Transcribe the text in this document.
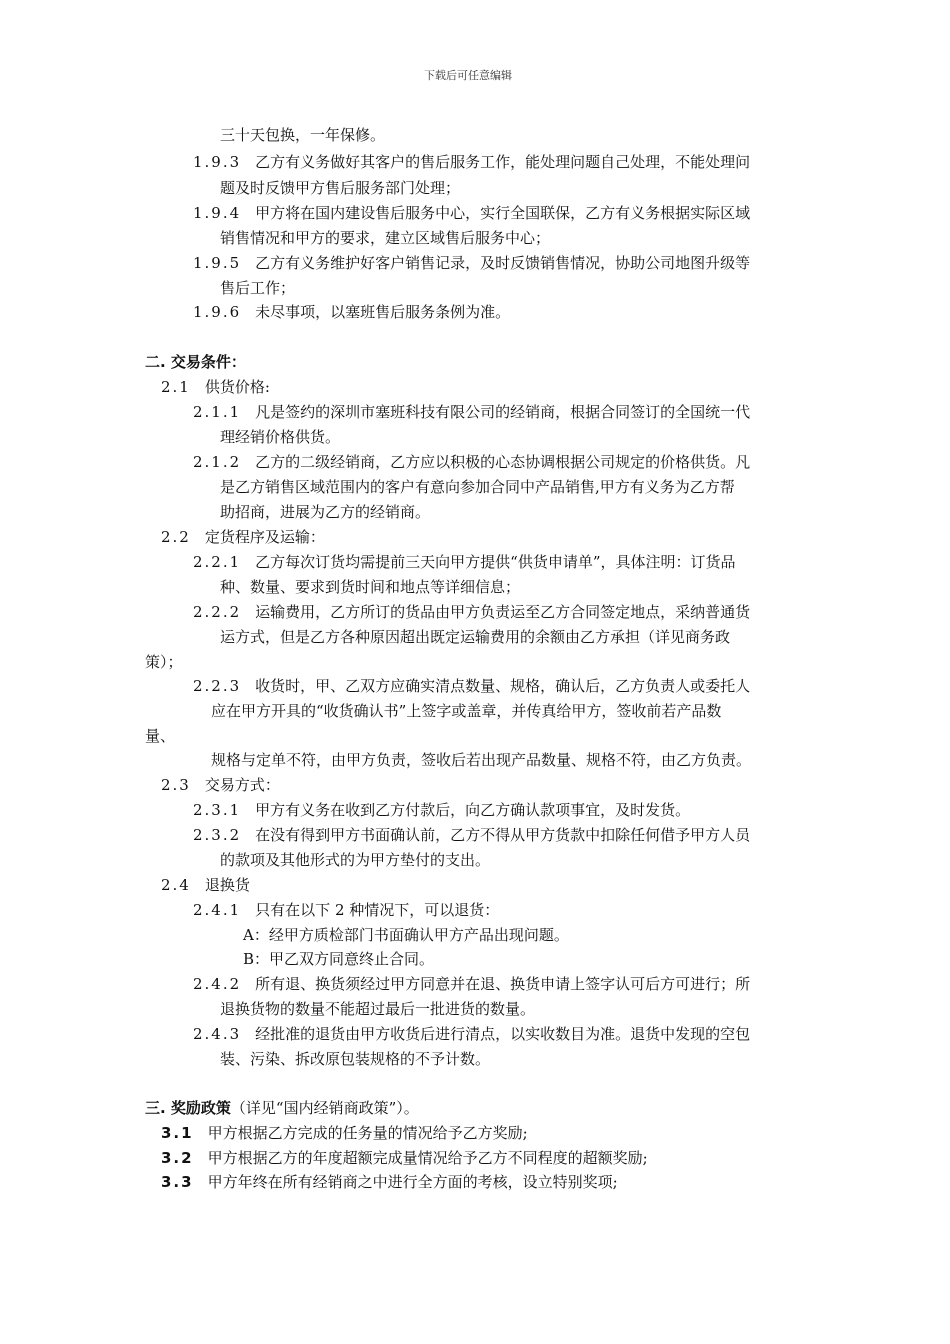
下载后可任意编辑
三十天包换，一年保修。
1.9.3 乙方有义务做好其客户的售后服务工作，能处理问题自己处理，不能处理问
题及时反馈甲方售后服务部门处理；
1.9.4 甲方将在国内建设售后服务中心，实行全国联保，乙方有义务根据实际区域
销售情况和甲方的要求，建立区域售后服务中心；
1.9.5 乙方有义务维护好客户销售记录，及时反馈销售情况，协助公司地图升级等
售后工作；
1.9.6 未尽事项，以塞班售后服务条例为准。
二. 交易条件：
2.1 供货价格:
2.1.1 凡是签约的深圳市塞班科技有限公司的经销商，根据合同签订的全国统一代
理经销价格供货。
2.1.2 乙方的二级经销商，乙方应以积极的心态协调根据公司规定的价格供货。凡
是乙方销售区域范围内的客户有意向参加合同中产品销售,甲方有义务为乙方帮
助招商，进展为乙方的经销商。
2.2 定货程序及运输：
2.2.1 乙方每次订货均需提前三天向甲方提供“供货申请单”，具体注明：订货品
种、数量、要求到货时间和地点等详细信息；
2.2.2 运输费用，乙方所订的货品由甲方负责运至乙方合同签定地点，采纳普通货
运方式，但是乙方各种原因超出既定运输费用的余额由乙方承担（详见商务政
策）；
2.2.3 收货时，甲、乙双方应确实清点数量、规格，确认后，乙方负责人或委托人
应在甲方开具的“收货确认书”上签字或盖章，并传真给甲方，签收前若产品数
量、
规格与定单不符，由甲方负责，签收后若出现产品数量、规格不符，由乙方负责。
2.3 交易方式：
2.3.1 甲方有义务在收到乙方付款后，向乙方确认款项事宜，及时发货。
2.3.2 在没有得到甲方书面确认前，乙方不得从甲方货款中扣除任何借予甲方人员
的款项及其他形式的为甲方垫付的支出。
2.4 退换货
2.4.1 只有在以下 2 种情况下，可以退货：
A：经甲方质检部门书面确认甲方产品出现问题。
B：甲乙双方同意终止合同。
2.4.2 所有退、换货须经过甲方同意并在退、换货申请上签字认可后方可进行；所
退换货物的数量不能超过最后一批进货的数量。
2.4.3 经批准的退货由甲方收货后进行清点，以实收数目为准。退货中发现的空包
装、污染、拆改原包装规格的不予计数。
三. 奖励政策（详见“国内经销商政策”）。
3.1 甲方根据乙方完成的任务量的情况给予乙方奖励;
3.2 甲方根据乙方的年度超额完成量情况给予乙方不同程度的超额奖励;
3.3 甲方年终在所有经销商之中进行全方面的考核，设立特别奖项;
